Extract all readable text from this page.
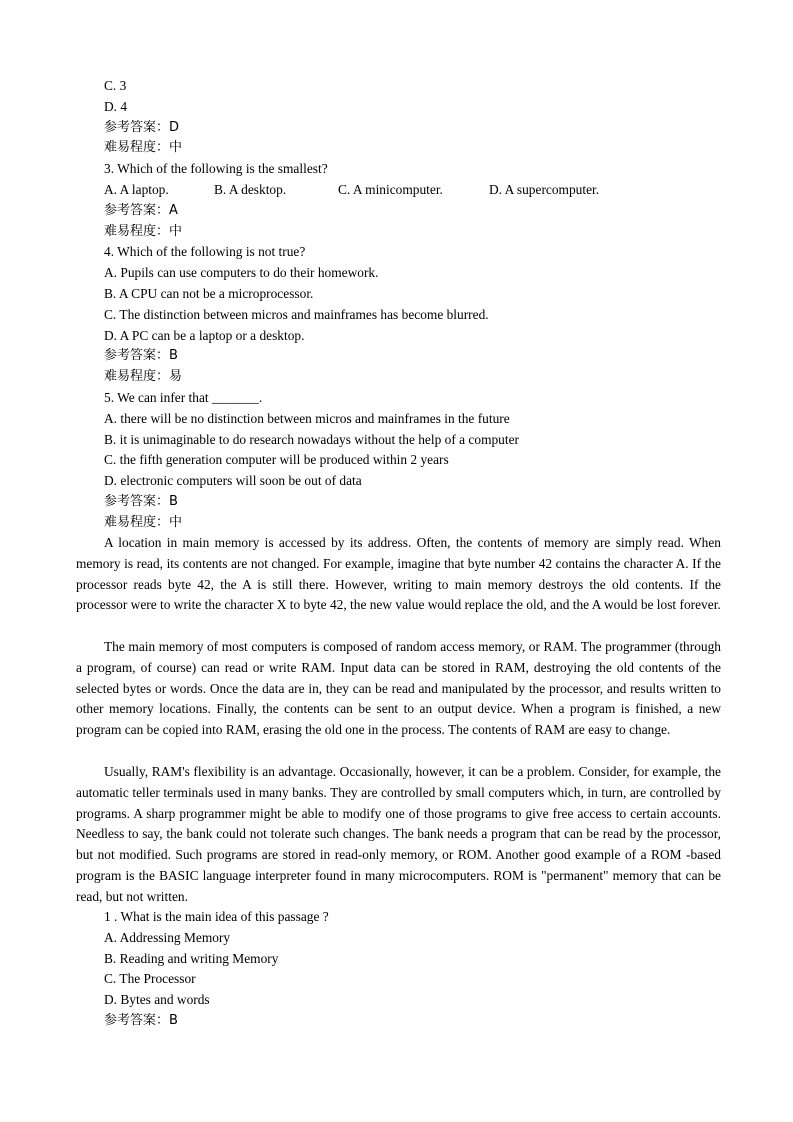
C. 3
D. 4
参考答案：D
难易程度：中
3. Which of the following is the smallest?
A. A laptop.	B. A desktop.	C. A minicomputer.	D. A supercomputer.
参考答案：A
难易程度：中
4. Which of the following is not true?
A. Pupils can use computers to do their homework.
B. A CPU can not be a microprocessor.
C. The distinction between micros and mainframes has become blurred.
D. A PC can be a laptop or a desktop.
参考答案：B
难易程度：易
5. We can infer that _______.
A. there will be no distinction between micros and mainframes in the future
B. it is unimaginable to do research nowadays without the help of a computer
C. the fifth generation computer will be produced within 2 years
D. electronic computers will soon be out of data
参考答案：B
难易程度：中

A location in main memory is accessed by its address. Often, the contents of memory are simply read. When memory is read, its contents are not changed. For example, imagine that byte number 42 contains the character A. If the processor reads byte 42, the A is still there. However, writing to main memory destroys the old contents. If the processor were to write the character X to byte 42, the new value would replace the old, and the A would be lost forever.

The main memory of most computers is composed of random access memory, or RAM. The programmer (through a program, of course) can read or write RAM. Input data can be stored in RAM, destroying the old contents of the selected bytes or words. Once the data are in, they can be read and manipulated by the processor, and results written to other memory locations. Finally, the contents can be sent to an output device. When a program is finished, a new program can be copied into RAM, erasing the old one in the process. The contents of RAM are easy to change.

Usually, RAM's flexibility is an advantage. Occasionally, however, it can be a problem. Consider, for example, the automatic teller terminals used in many banks. They are controlled by small computers which, in turn, are controlled by programs. A sharp programmer might be able to modify one of those programs to give free access to certain accounts. Needless to say, the bank could not tolerate such changes. The bank needs a program that can be read by the processor, but not modified. Such programs are stored in read-only memory, or ROM. Another good example of a ROM -based program is the BASIC language interpreter found in many microcomputers. ROM is "permanent" memory that can be read, but not written.

1 . What is the main idea of this passage ?
A. Addressing Memory
B. Reading and writing Memory
C. The Processor
D. Bytes and words
参考答案：B
